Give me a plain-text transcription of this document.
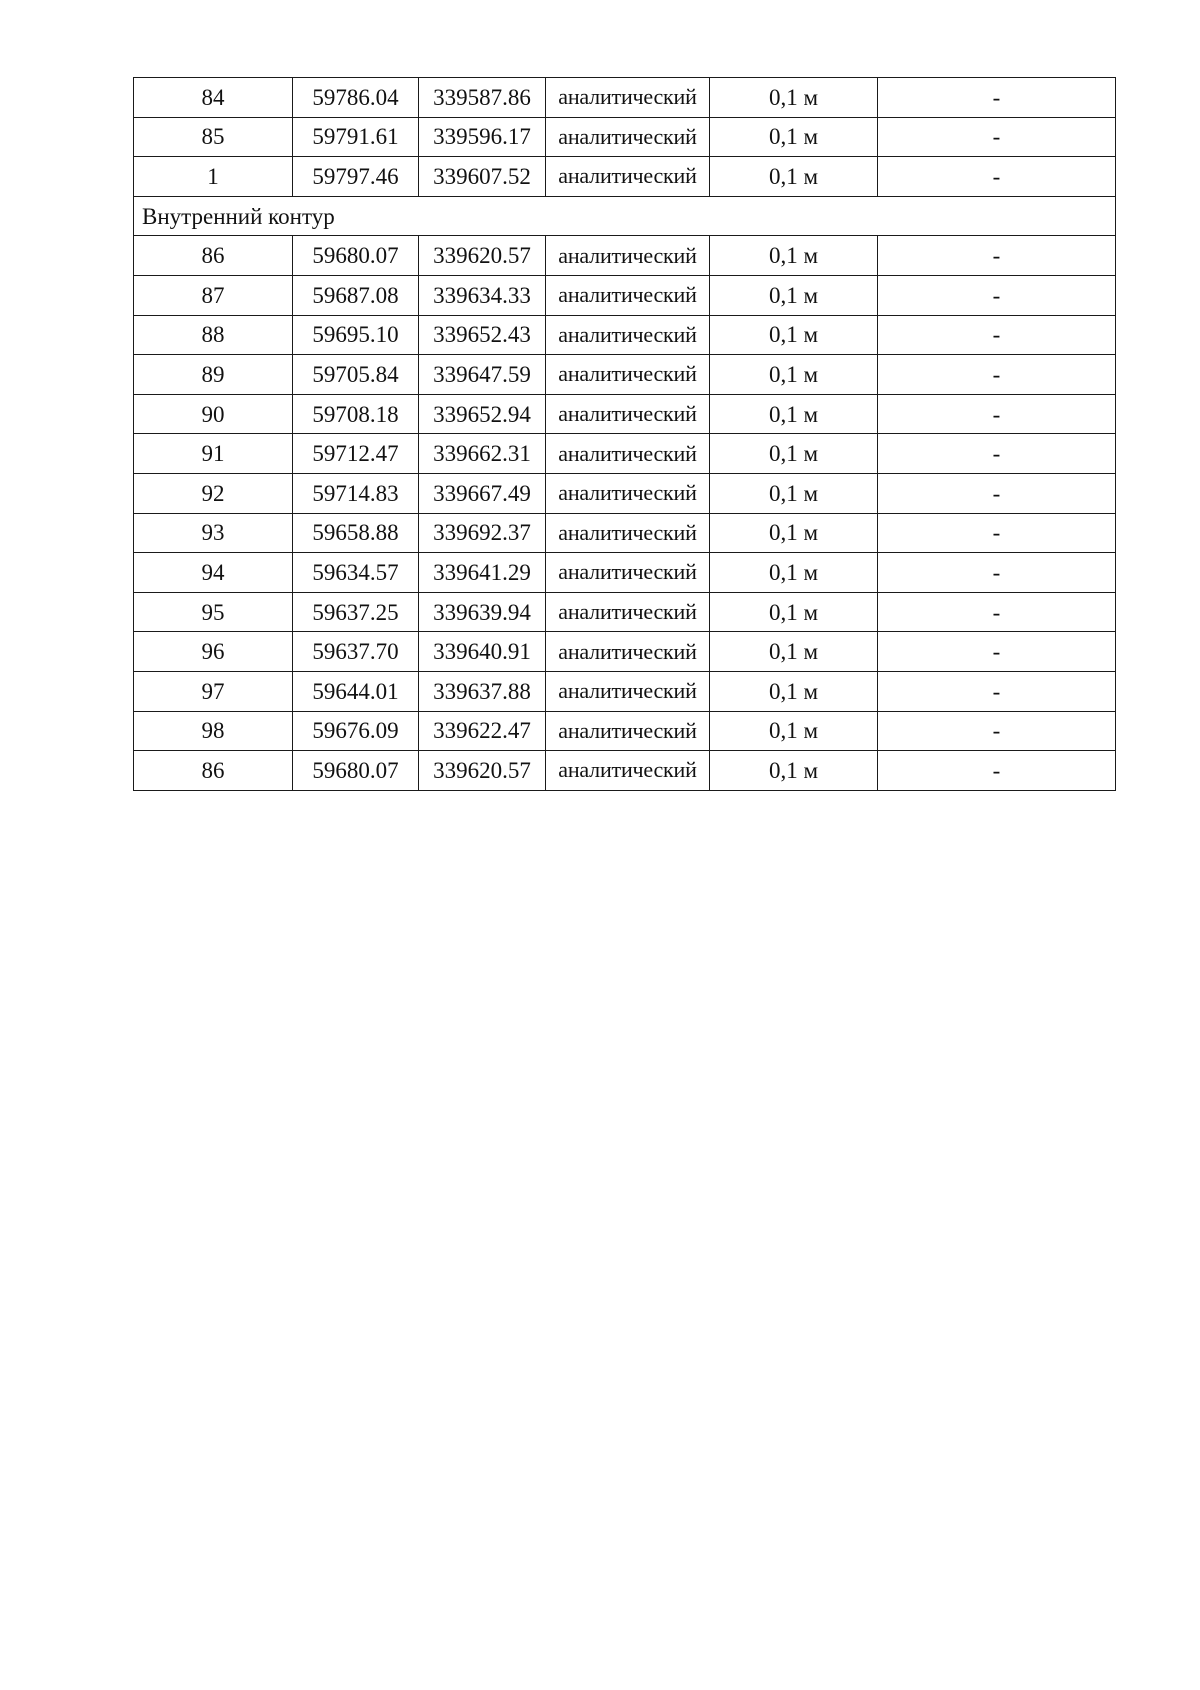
84	59786.04	339587.86	аналитический	0,1 м	-
85	59791.61	339596.17	аналитический	0,1 м	-
1	59797.46	339607.52	аналитический	0,1 м	-
Внутренний контур					
86	59680.07	339620.57	аналитический	0,1 м	-
87	59687.08	339634.33	аналитический	0,1 м	-
88	59695.10	339652.43	аналитический	0,1 м	-
89	59705.84	339647.59	аналитический	0,1 м	-
90	59708.18	339652.94	аналитический	0,1 м	-
91	59712.47	339662.31	аналитический	0,1 м	-
92	59714.83	339667.49	аналитический	0,1 м	-
93	59658.88	339692.37	аналитический	0,1 м	-
94	59634.57	339641.29	аналитический	0,1 м	-
95	59637.25	339639.94	аналитический	0,1 м	-
96	59637.70	339640.91	аналитический	0,1 м	-
97	59644.01	339637.88	аналитический	0,1 м	-
98	59676.09	339622.47	аналитический	0,1 м	-
86	59680.07	339620.57	аналитический	0,1 м	-
